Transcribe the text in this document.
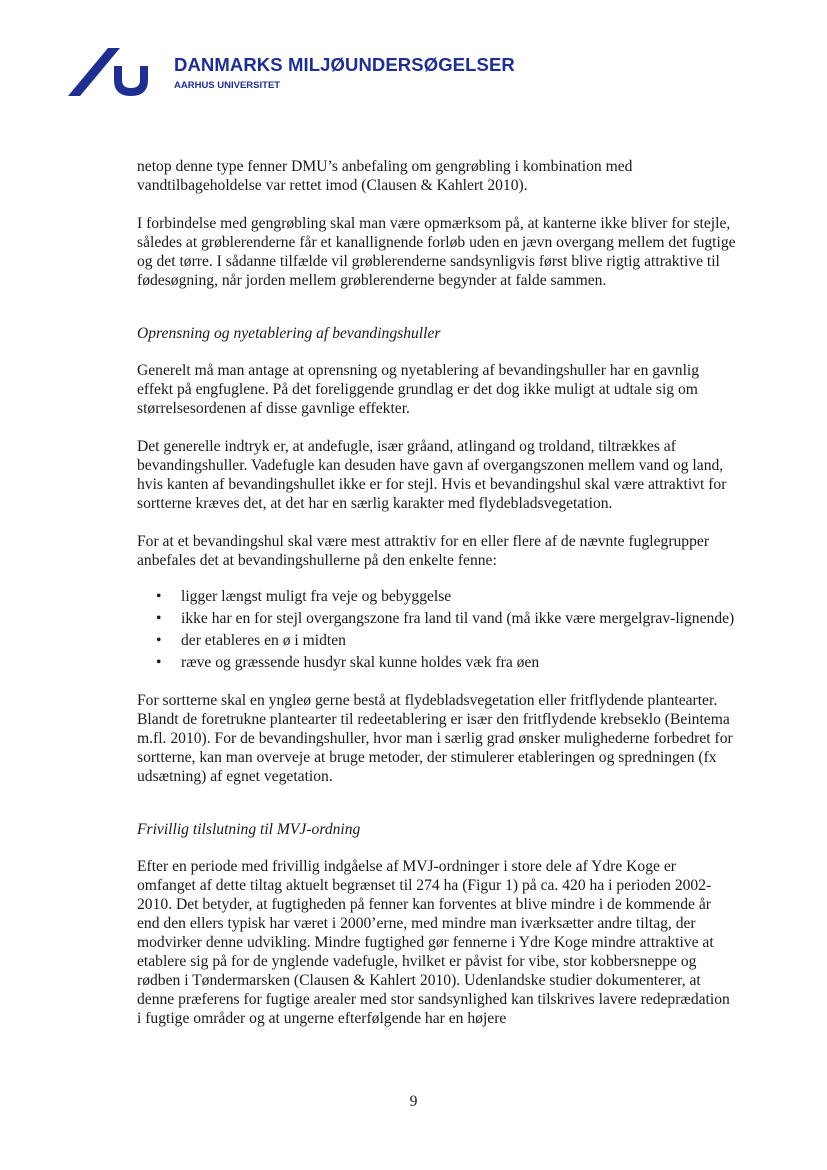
DANMARKS MILJØUNDERSØGELSER
AARHUS UNIVERSITET

netop denne type fenner DMU’s anbefaling om gengrøbling i kombination med vandtilbageholdelse var rettet imod (Clausen & Kahlert 2010).

I forbindelse med gengrøbling skal man være opmærksom på, at kanterne ikke bliver for stejle, således at grøblerenderne får et kanallignende forløb uden en jævn overgang mellem det fugtige og det tørre. I sådanne tilfælde vil grøblerenderne sandsynligvis først blive rigtig attraktive til fødesøgning, når jorden mellem grøblerenderne begynder at falde sammen.

Oprensning og nyetablering af bevandingshuller

Generelt må man antage at oprensning og nyetablering af bevandingshuller har en gavnlig effekt på engfuglene. På det foreliggende grundlag er det dog ikke muligt at udtale sig om størrelsesordenen af disse gavnlige effekter.

Det generelle indtryk er, at andefugle, især gråand, atlingand og troldand, tiltrækkes af bevandingshuller. Vadefugle kan desuden have gavn af overgangszonen mellem vand og land, hvis kanten af bevandingshullet ikke er for stejl. Hvis et bevandingshul skal være attraktivt for sortterne kræves det, at det har en særlig karakter med flydebladsvegetation.

For at et bevandingshul skal være mest attraktiv for en eller flere af de nævnte fuglegrupper anbefales det at bevandingshullerne på den enkelte fenne:

• ligger længst muligt fra veje og bebyggelse
• ikke har en for stejl overgangszone fra land til vand (må ikke være mergelgrav-lignende)
• der etableres en ø i midten
• ræve og græssende husdyr skal kunne holdes væk fra øen

For sortterne skal en yngleø gerne bestå at flydebladsvegetation eller fritflydende plantearter. Blandt de foretrukne plantearter til redeetablering er især den fritflydende krebseklo (Beintema m.fl. 2010). For de bevandingshuller, hvor man i særlig grad ønsker mulighederne forbedret for sortterne, kan man overveje at bruge metoder, der stimulerer etableringen og spredningen (fx udsætning) af egnet vegetation.

Frivillig tilslutning til MVJ-ordning

Efter en periode med frivillig indgåelse af MVJ-ordninger i store dele af Ydre Koge er omfanget af dette tiltag aktuelt begrænset til 274 ha (Figur 1) på ca. 420 ha i perioden 2002-2010. Det betyder, at fugtigheden på fenner kan forventes at blive mindre i de kommende år end den ellers typisk har været i 2000’erne, med mindre man iværksætter andre tiltag, der modvirker denne udvikling. Mindre fugtighed gør fennerne i Ydre Koge mindre attraktive at etablere sig på for de ynglende vadefugle, hvilket er påvist for vibe, stor kobbersneppe og rødben i Tøndermarsken (Clausen & Kahlert 2010). Udenlandske studier dokumenterer, at denne præferens for fugtige arealer med stor sandsynlighed kan tilskrives lavere redeprædation i fugtige områder og at ungerne efterfølgende har en højere

9
